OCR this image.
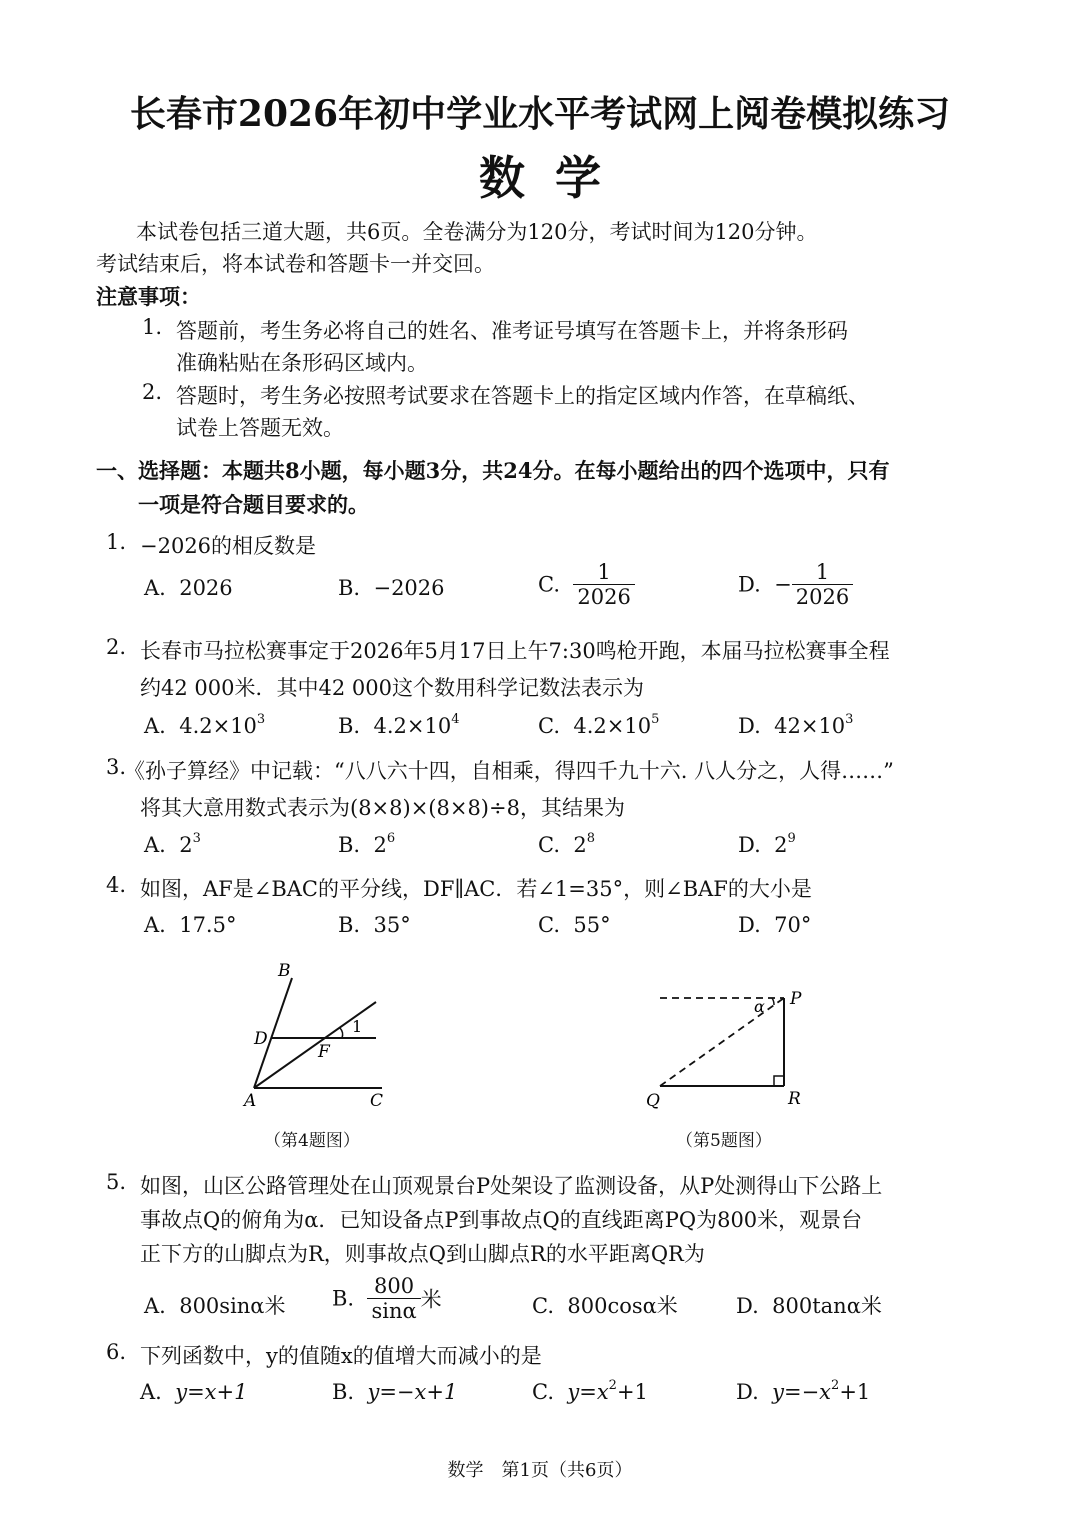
长春市2026年初中学业水平考试网上阅卷模拟练习
数学
本试卷包括三道大题，共6页。全卷满分为120分，考试时间为120分钟。
考试结束后，将本试卷和答题卡一并交回。
注意事项：
1. 答题前，考生务必将自己的姓名、准考证号填写在答题卡上，并将条形码
准确粘贴在条形码区域内。
2. 答题时，考生务必按照考试要求在答题卡上的指定区域内作答，在草稿纸、
试卷上答题无效。
一、选择题：本题共8小题，每小题3分，共24分。在每小题给出的四个选项中，只有
一项是符合题目要求的。
1. −2026的相反数是
A. 2026	B. −2026	C. $\frac{1}{2026}$	D. − $\frac{1}{2026}$
2. 长春市马拉松赛事定于2026年5月17日上午7:30鸣枪开跑，本届马拉松赛事全程
约42 000米．其中42 000这个数用科学记数法表示为
A. $4.2\times 10^3$	B. $4.2\times 10^4$	C. $4.2\times 10^5$	D. $42\times 10^3$
3.
《孙子算经》中记载：“八八六十四，自相乘，得四千九十六. 八人分之，人得……”
将其大意用数式表示为(8×8)×(8×8)÷8，其结果为
A. $2^3$	B. $2^6$	C. $2^8$	D. $2^9$
4. 如图，AF是∠BAC的平分线，DF∥AC．若∠1=35°，则∠BAF的大小是
A. 17.5°	B. 35°	C. 55°	D. 70°
B
D
F
A	C
1
（第4题图）
α P
Q	R
（第5题图）
5. 如图，山区公路管理处在山顶观景台P处架设了监测设备，从P处测得山下公路上
事故点Q的俯角为α．已知设备点P到事故点Q的直线距离PQ为800米，观景台
正下方的山脚点为R，则事故点Q到山脚点R的水平距离QR为
A. 800sinα米 B. $\frac{800}{\sin\alpha}$ 米	C. 800cosα米	D. 800tanα米
6. 下列函数中，y的值随x的值增大而减小的是
A. y=x+1	B. y=−x+1	C. $y=x^2+1$	D. $y=-x^2+1$
数学　第1页（共6页）
